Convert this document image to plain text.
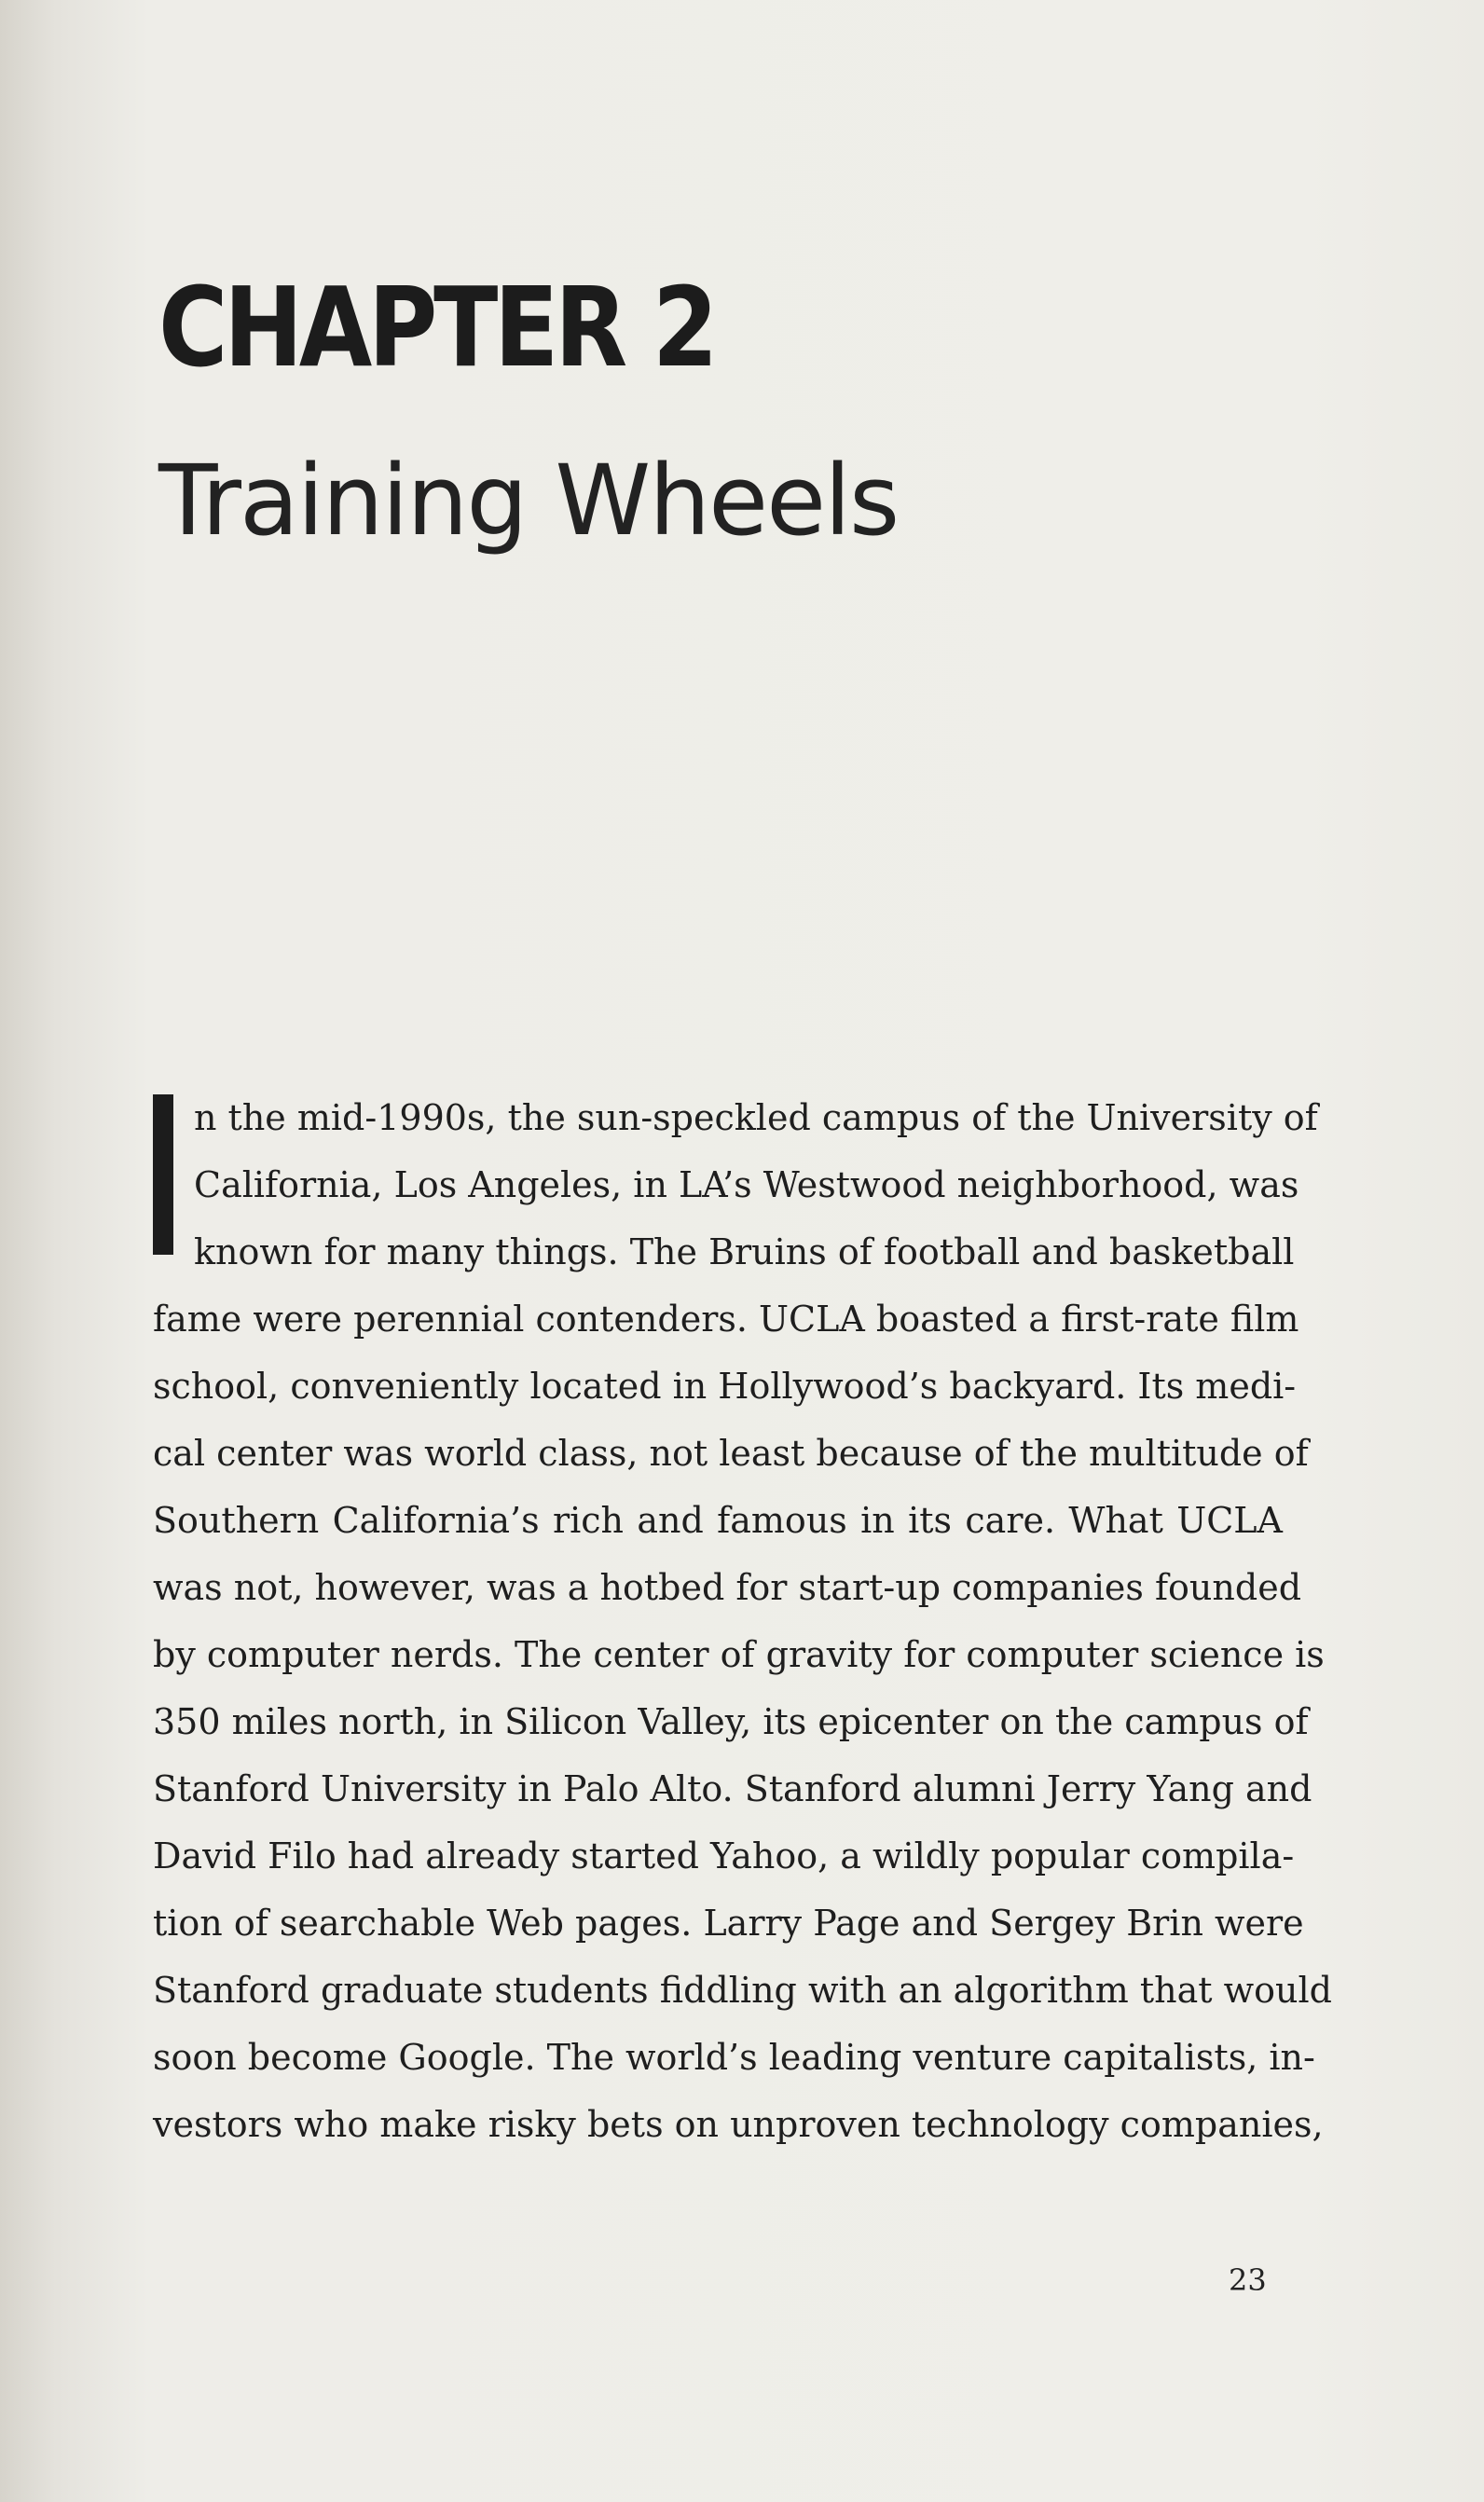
CHAPTER 2
Training Wheels
n the mid-1990s, the sun-speckled campus of the University of
California, Los Angeles, in LA’s Westwood neighborhood, was
known for many things. The Bruins of football and basketball
fame were perennial contenders. UCLA boasted a first-rate film
school, conveniently located in Hollywood’s backyard. Its medi-
cal center was world class, not least because of the multitude of
Southern California’s rich and famous in its care. What UCLA
was not, however, was a hotbed for start-up companies founded
by computer nerds. The center of gravity for computer science is
350 miles north, in Silicon Valley, its epicenter on the campus of
Stanford University in Palo Alto. Stanford alumni Jerry Yang and
David Filo had already started Yahoo, a wildly popular compila-
tion of searchable Web pages. Larry Page and Sergey Brin were
Stanford graduate students fiddling with an algorithm that would
soon become Google. The world’s leading venture capitalists, in-
vestors who make risky bets on unproven technology companies,
23
